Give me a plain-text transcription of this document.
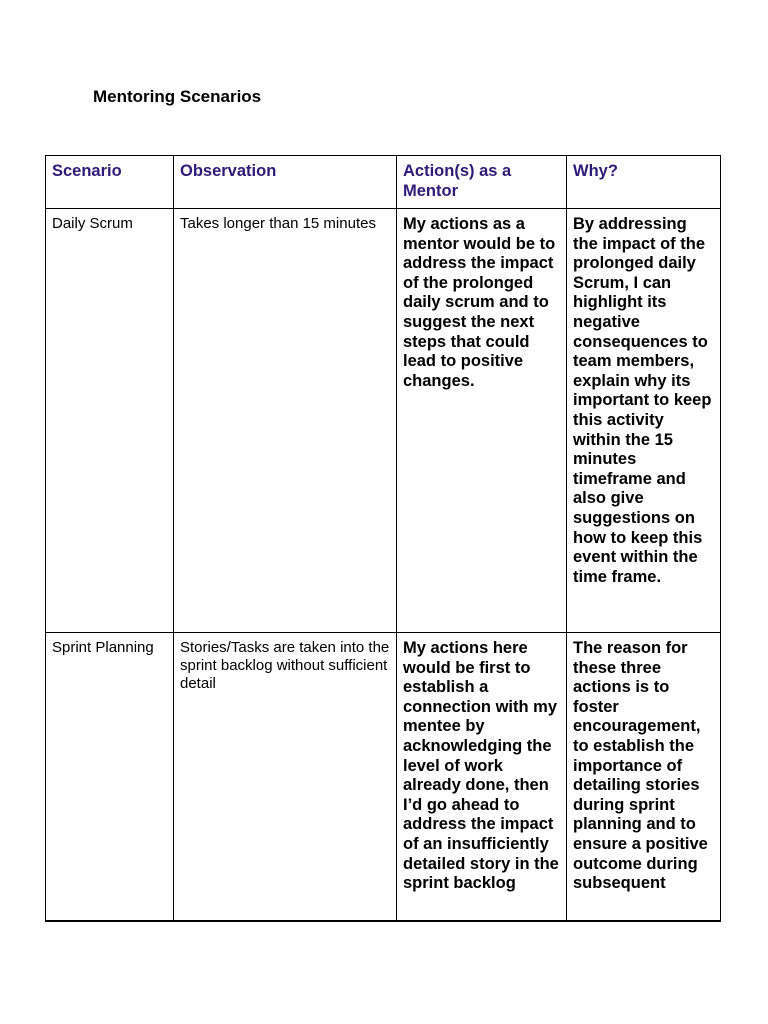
Mentoring Scenarios
Scenario	Observation	Action(s) as a Mentor	Why?
Daily Scrum	Takes longer than 15 minutes	My actions as a mentor would be to address the impact of the prolonged daily scrum and to suggest the next steps that could lead to positive changes.	By addressing the impact of the prolonged daily Scrum, I can highlight its negative consequences to team members, explain why its important to keep this activity within the 15 minutes timeframe and also give suggestions on how to keep this event within the time frame.
Sprint Planning	Stories/Tasks are taken into the sprint backlog without sufficient detail	My actions here would be first to establish a connection with my mentee by acknowledging the level of work already done, then I’d go ahead to address the impact of an insufficiently detailed story in the sprint backlog	The reason for these three actions is to foster encouragement, to establish the importance of detailing stories during sprint planning and to ensure a positive outcome during subsequent
